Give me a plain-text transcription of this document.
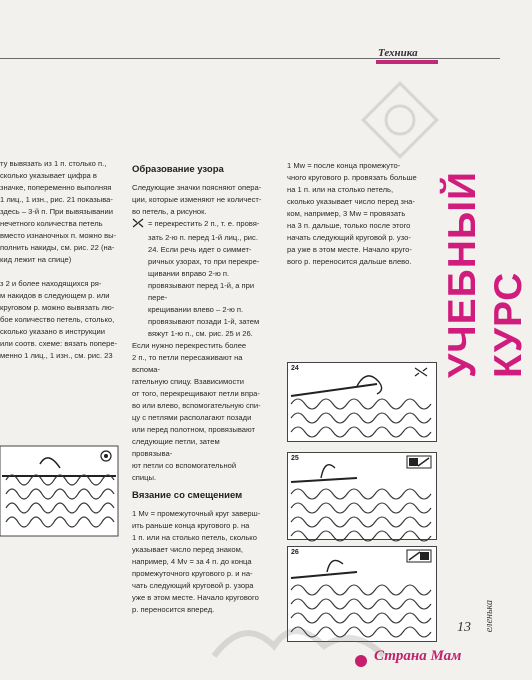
Техника
УЧЕБНЫЙ КУРС

ту вывязать из 1 п. столько п.,

сколько указывает цифра в

значке, попеременно выполняя

1 лиц., 1 изн., рис. 21 показыва-

здесь – 3-й п. При вывязывании

нечетного количества петель

вместо изнаночных п. можно вы-

полнить накиды, см. рис. 22 (на-

кид лежит на спице)

з 2 и более находящихся ря-

м накидов в следующем р. или

круговом р. можно вывязать лю-

бое количество петель, столько,

сколько указано в инструкции

или соотв. схеме: вязать попере-

менно 1 лиц., 1 изн., см. рис. 23

Образование узора

Следующие значки поясняют опера-

ции, которые изменяют не количест-

во петель, а рисунок.

= перекрестить 2 п., т. е. провя-

зать 2-ю п. перед 1-й лиц., рис.

24. Если речь идет о симмет-

ричных узорах, то при перекре-

щивании вправо 2-ю п.

провязывают перед 1-й, а при пере-

крещивании влево – 2-ю п.

провязывают позади 1-й, затем

вяжут 1-ю п., см. рис. 25 и 26.

Если нужно перекрестить более

2 п., то петли пересаживают на вспома-

гательную спицу. Взависимости

от того, перекрещивают петли впра-

во или влево, вспомогательную спи-

цу с петлями располагают позади

или перед полотном, провязывают

следующие петли, затем провязыва-

ют петли со вспомогательной спицы.

Вязание со смещением

1 Мv = промежуточный круг заверш-

ить раньше конца кругового р. на

1 п. или на столько петель, сколько

указывает число перед знаком,

например, 4 Мv = за 4 п. до конца

промежуточного кругового р. и на-

чать следующий круговой р. узора

уже в этом месте. Начало кругового

р. переносится вперед.

1 Мw = после конца промежуто-

чного кругового р. провязать больше

на 1 п. или на столько петель,

сколько указывает число перед зна-

ком, например, 3 Мw = провязать

на 3 п. дальше, только после этого

начать следующий круговой р. узо-

ра уже в этом месте. Начало круго-

вого р. переносится дальше влево.

24
25
26
13 еленька
Страна Мам
